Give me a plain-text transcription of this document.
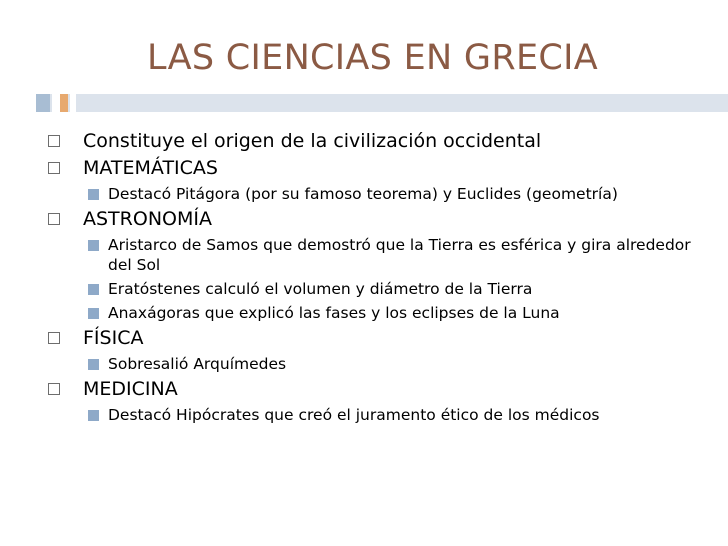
LAS CIENCIAS EN GRECIA
Constituye el origen de la civilización occidental
MATEMÁTICAS
Destacó Pitágora (por su famoso teorema) y Euclides (geometría)
ASTRONOMÍA
Aristarco de Samos que demostró que la Tierra es esférica y gira alrededor del Sol
Eratóstenes calculó el volumen y diámetro de la Tierra
Anaxágoras que explicó las fases y los eclipses de la Luna
FÍSICA
Sobresalió Arquímedes
MEDICINA
Destacó Hipócrates que creó el juramento ético de los médicos
